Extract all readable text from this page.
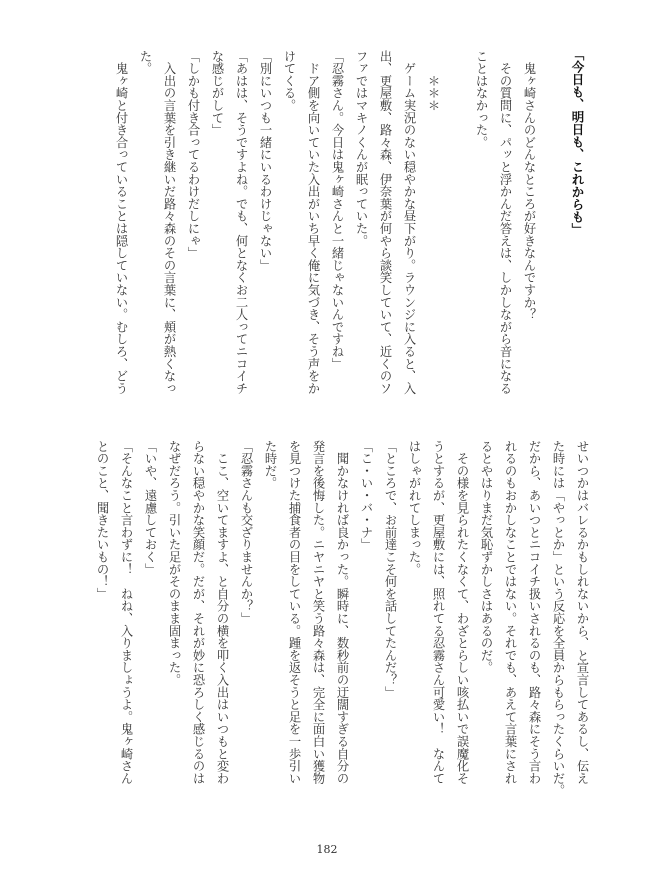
　鬼ヶ崎さんのどんなところが好きなんですか？
　その質問に、パッと浮かんだ答えは、しかしながら音になる
ことはなかった。
　　＊＊＊
　ゲーム実況のない穏やかな昼下がり。ラウンジに入ると、入
出、更屋敷、路々森、伊奈葉が何やら談笑していて、近くのソ
ファではマキノくんが眠っていた。
「忍霧さん。今日は鬼ヶ崎さんと一緒じゃないんですね」
　ドア側を向いていた入出がいち早く俺に気づき、そう声をか
けてくる。
「別にいつも一緒にいるわけじゃない」
「あはは、そうですよね。でも、何となくお二人ってニコイチ
な感じがして」
「しかも付き合ってるわけだしにゃ」
　入出の言葉を引き継いだ路々森のその言葉に、頬が熱くなっ
た。
　鬼ヶ崎と付き合っていることは隠していない。むしろ、どう
せいつかはバレるかもしれないから、と宣言してあるし、伝え
た時には「やっとか」という反応を全員からもらったくらいだ。
だから、あいつとニコイチ扱いされるのも、路々森にそう言わ
れるのもおかしなことではない。それでも、あえて言葉にされ
るとやはりまだ気恥ずかしさはあるのだ。
　その様を見られたくなくて、わざとらしい咳払いで誤魔化そ
うとするが、更屋敷には、照れてる忍霧さん可愛い！　なんて
はしゃがれてしまった。
「ところで、お前達こそ何を話してたんだ？」
「こ・い・バ・ナ」
　聞かなければ良かった。瞬時に、数秒前の迂闊すぎる自分の
発言を後悔した。ニヤニヤと笑う路々森は、完全に面白い獲物
を見つけた捕食者の目をしている。踵を返そうと足を一歩引い
た時だ。
「忍霧さんも交ざりませんか？」
　ここ、空いてますよ、と自分の横を叩く入出はいつもと変わ
らない穏やかな笑顔だ。だが、それが妙に恐ろしく感じるのは
なぜだろう。引いた足がそのまま固まった。
「いや、遠慮しておく」
「そんなこと言わずに！　ねね、入りましょうよ。鬼ヶ崎さん
とのこと、聞きたいもの！」
「今日も、明日も、これからも」
182
